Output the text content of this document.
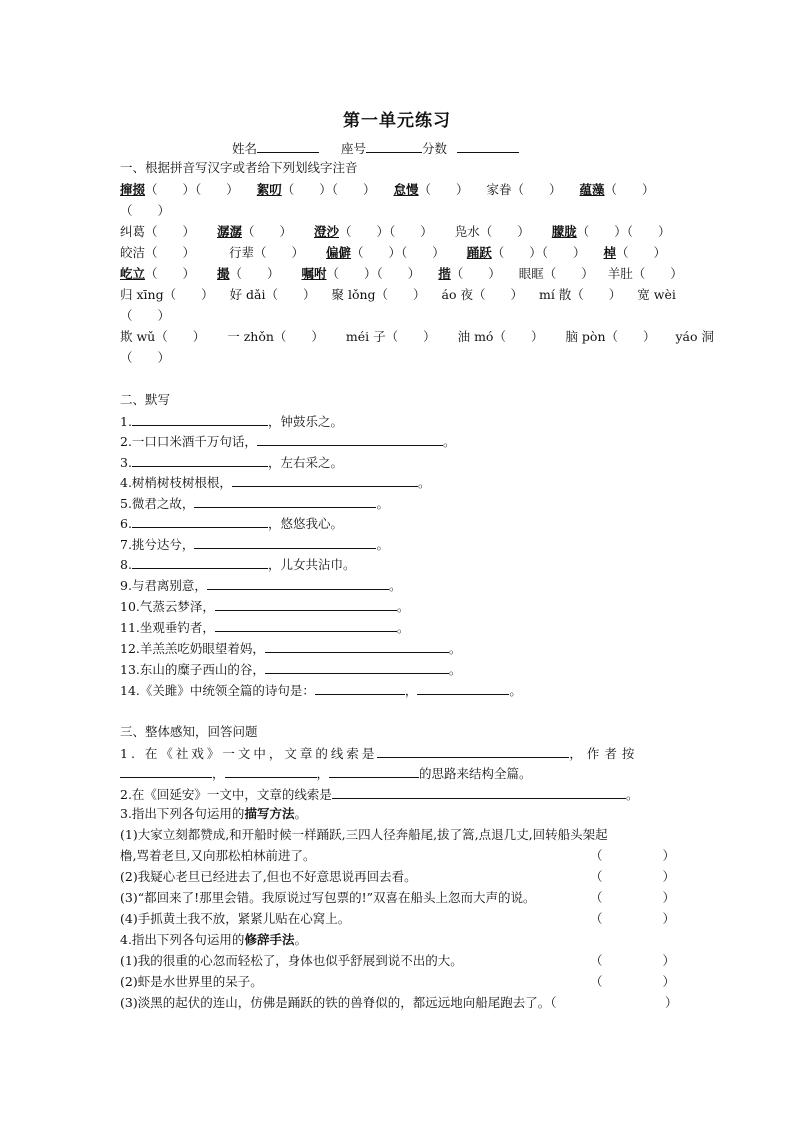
第一单元练习
姓名	座号	分数
一、根据拼音写汉字或者给下列划线字注音
撺掇（　　）（　　） 絮叨（　　）（　　） 怠慢（　　） 家眷（　　） 蕴藻（　　）
（　　）
纠葛（　　） 潺潺（　　） 澄沙（　　）（　　） 凫水（　　） 朦胧（　　）（　　）
皎洁（　　）	行辈（　　） 偏僻（　　）（　　） 踊跃（　　）（　　） 棹（　　）
屹立（　　） 撮（　　） 嘱咐（　　）（　　） 揩（　　） 眼眶（　　） 羊肚（　　）
归 xīng（　　） 好 dǎi（　　） 聚 lǒng（　　） áo 夜（　　） mí 散（　　） 宽 wèi
（　　）
欺 wǔ（　　） 一 zhǒn（　　） méi 子（　　） 油 mó（　　） 脑 pòn（　　） yáo 洞
（　　）
二、默写
1.	，钟鼓乐之。
2.一口口米酒千万句话，	。
3.	，左右采之。
4.树梢树枝树根根，	。
5.微君之故，	。
6.	，悠悠我心。
7.挑兮达兮，	。
8.	，儿女共沾巾。
9.与君离别意，	。
10.气蒸云梦泽，	。
11.坐观垂钓者，	。
12.羊羔羔吃奶眼望着妈，	。
13.东山的糜子西山的谷，	。
14.《关雎》中统领全篇的诗句是：	，	。
三、整体感知，回答问题
1. 在《社戏》一文中，文章的线索是	，作者按
，	，	的思路来结构全篇。
2.在《回延安》一文中，文章的线索是	。
3.指出下列各句运用的描写方法。
(1)大家立刻都赞成,和开船时候一样踊跃,三四人径奔船尾,拔了篙,点退几丈,回转船头架起
橹,骂着老旦,又向那松柏林前进了。	（	）
(2)我疑心老旦已经进去了,但也不好意思说再回去看。	（	）
(3)“都回来了!那里会错。我原说过写包票的!”双喜在船头上忽而大声的说。	（	）
(4)手抓黄土我不放，紧紧儿贴在心窝上。	（	）
4.指出下列各句运用的修辞手法。
(1)我的很重的心忽而轻松了，身体也似乎舒展到说不出的大。	（	）
(2)虾是水世界里的呆子。	（	）
(3)淡黑的起伏的连山，仿佛是踊跃的铁的兽脊似的，都远远地向船尾跑去了。（	）
